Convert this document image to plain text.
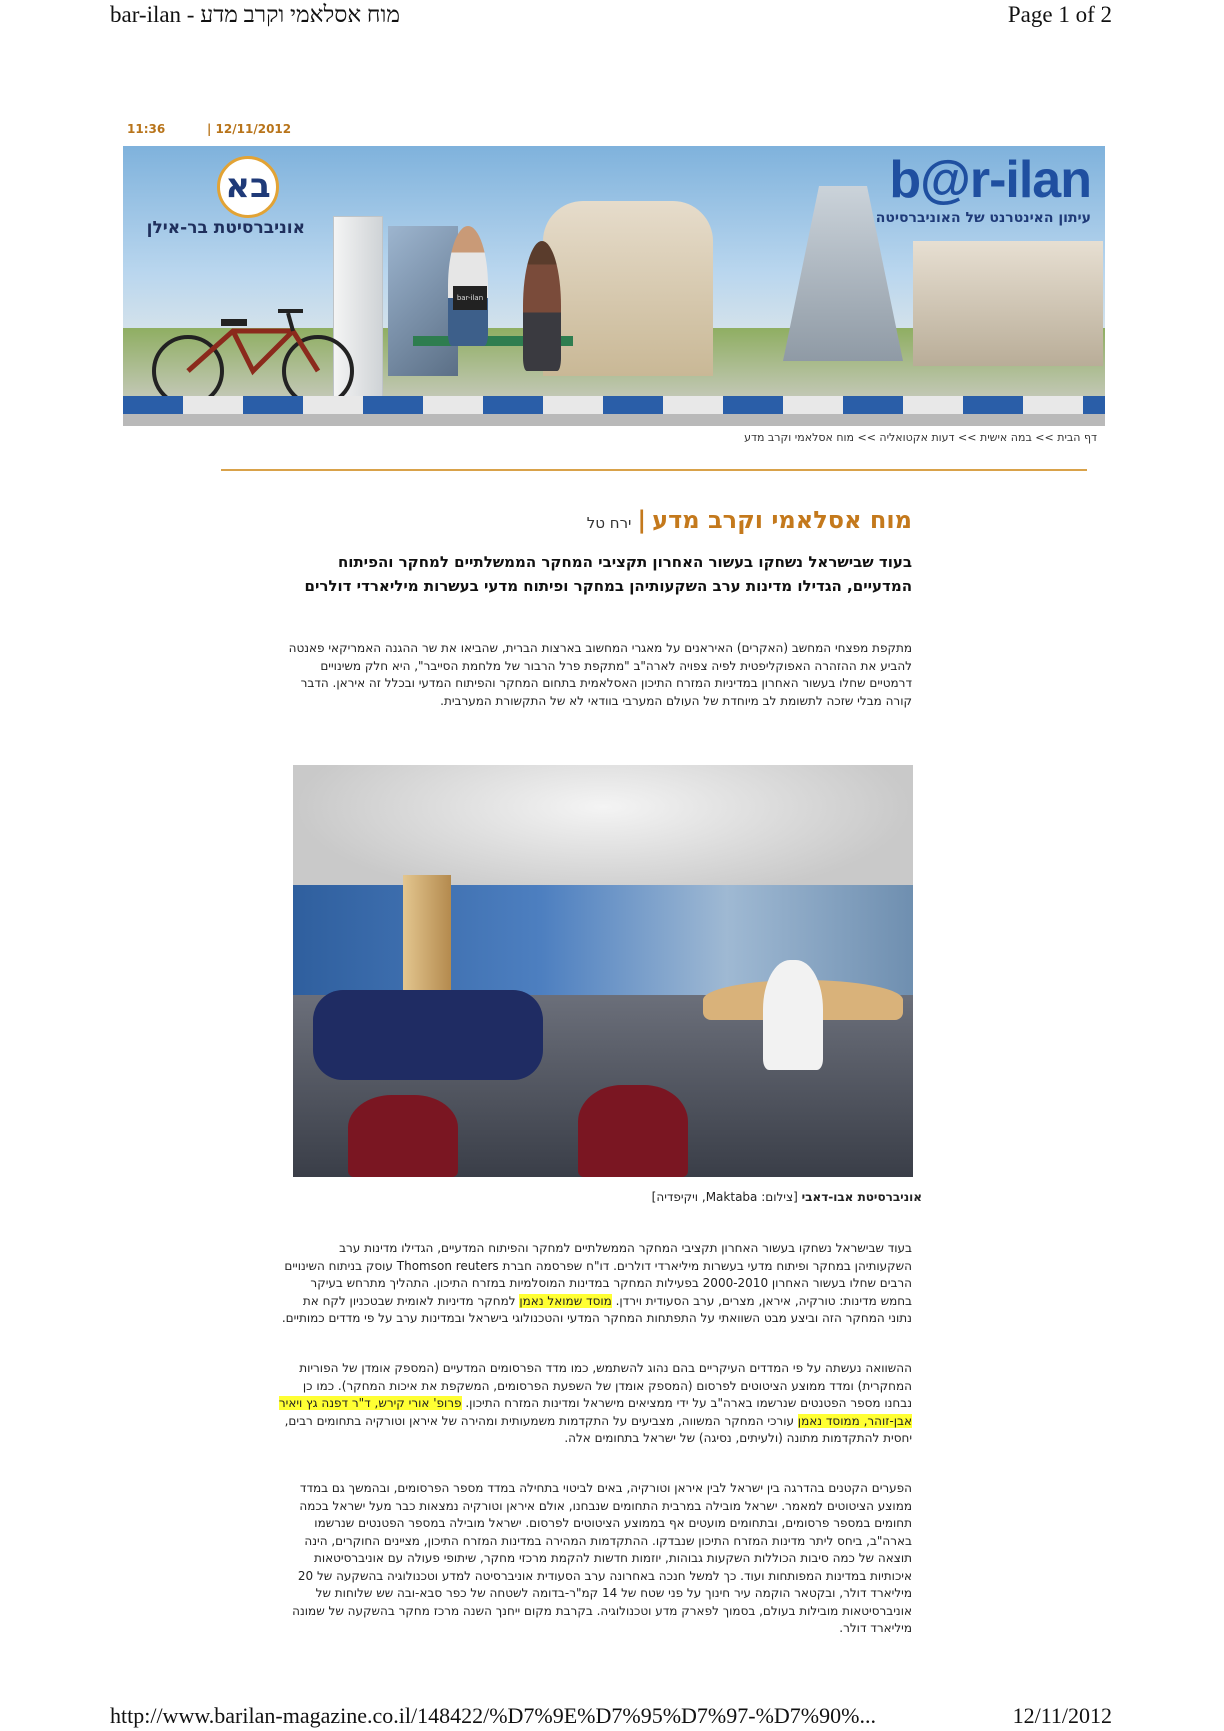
bar-ilan - מוח אסלאמי וקרב מדע	Page 1 of 2
11:36	| 12/11/2012
bar-ilan
בא
אוניברסיטת בר-אילן
b@r-ilan
עיתון האינטרנט של האוניברסיטה
דף הבית >> במה אישית >> דעות אקטואליה >> מוח אסלאמי וקרב מדע
מוח אסלאמי וקרב מדע|ירח טל
בעוד שבישראל נשחקו בעשור האחרון תקציבי המחקר הממשלתיים למחקר והפיתוח המדעיים, הגדילו מדינות ערב השקעותיהן במחקר ופיתוח מדעי בעשרות מיליארדי דולרים
מתקפת מפצחי המחשב (האקרים) האיראנים על מאגרי המחשוב בארצות הברית, שהביאו את שר ההגנה האמריקאי פאנטה להביע את ההזהרה האפוקליפטית לפיה צפויה לארה"ב "מתקפת פרל הרבור של מלחמת הסייבר", היא חלק משינויים דרמטיים שחלו בעשור האחרון במדיניות המזרח התיכון האסלאמית בתחום המחקר והפיתוח המדעי ובכלל זה איראן. הדבר קורה מבלי שזכה לתשומת לב מיוחדת של העולם המערבי בוודאי לא של התקשורת המערבית.
אוניברסיטת אבו-דאבי [צילום: Maktaba, ויקיפדיה]
בעוד שבישראל נשחקו בעשור האחרון תקציבי המחקר הממשלתיים למחקר והפיתוח המדעיים, הגדילו מדינות ערב השקעותיהן במחקר ופיתוח מדעי בעשרות מיליארדי דולרים. דו"ח שפרסמה חברת Thomson reuters עוסק בניתוח השינויים הרבים שחלו בעשור האחרון 2000-2010 בפעילות המחקר במדינות המוסלמיות במזרח התיכון. התהליך מתרחש בעיקר בחמש מדינות: טורקיה, איראן, מצרים, ערב הסעודית וירדן. מוסד שמואל נאמן למחקר מדיניות לאומית שבטכניון לקח את נתוני המחקר הזה וביצע מבט השוואתי על התפתחות המחקר המדעי והטכנולוגי בישראל ובמדינות ערב על פי מדדים כמותיים.
ההשוואה נעשתה על פי המדדים העיקריים בהם נהוג להשתמש, כמו מדד הפרסומים המדעיים (המספק אומדן של הפוריות המחקרית) ומדד ממוצע הציטוטים לפרסום (המספק אומדן של השפעת הפרסומים, המשקפת את איכות המחקר). כמו כן נבחנו מספר הפטנטים שנרשמו בארה"ב על ידי ממציאים מישראל ומדינות המזרח התיכון. פרופ' אורי קירש, ד"ר דפנה גץ ויאיר אבן-זוהר, ממוסד נאמן עורכי המחקר המשווה, מצביעים על התקדמות משמעותית ומהירה של איראן וטורקיה בתחומים רבים, יחסית להתקדמות מתונה (ולעיתים, נסיגה) של ישראל בתחומים אלה.
הפערים הקטנים בהדרגה בין ישראל לבין איראן וטורקיה, באים לביטוי בתחילה במדד מספר הפרסומים, ובהמשך גם במדד ממוצע הציטוטים למאמר. ישראל מובילה במרבית התחומים שנבחנו, אולם איראן וטורקיה נמצאות כבר מעל ישראל בכמה תחומים במספר פרסומים, ובתחומים מועטים אף בממוצע הציטוטים לפרסום. ישראל מובילה במספר הפטנטים שנרשמו בארה"ב, ביחס ליתר מדינות המזרח התיכון שנבדקו. ההתקדמות המהירה במדינות המזרח התיכון, מציינים החוקרים, הינה תוצאה של כמה סיבות הכוללות השקעות גבוהות, יוזמות חדשות להקמת מרכזי מחקר, שיתופי פעולה עם אוניברסיטאות איכותיות במדינות המפותחות ועוד. כך למשל חנכה באחרונה ערב הסעודית אוניברסיטה למדע וטכנולוגיה בהשקעה של 20 מיליארד דולר, ובקטאר הוקמה עיר חינוך על פני שטח של 14 קמ"ר-בדומה לשטחה של כפר סבא-ובה שש שלוחות של אוניברסיטאות מובילות בעולם, בסמוך לפארק מדע וטכנולוגיה. בקרבת מקום ייחנך השנה מרכז מחקר בהשקעה של שמונה מיליארד דולר.
http://www.barilan-magazine.co.il/148422/%D7%9E%D7%95%D7%97-%D7%90%...	12/11/2012
